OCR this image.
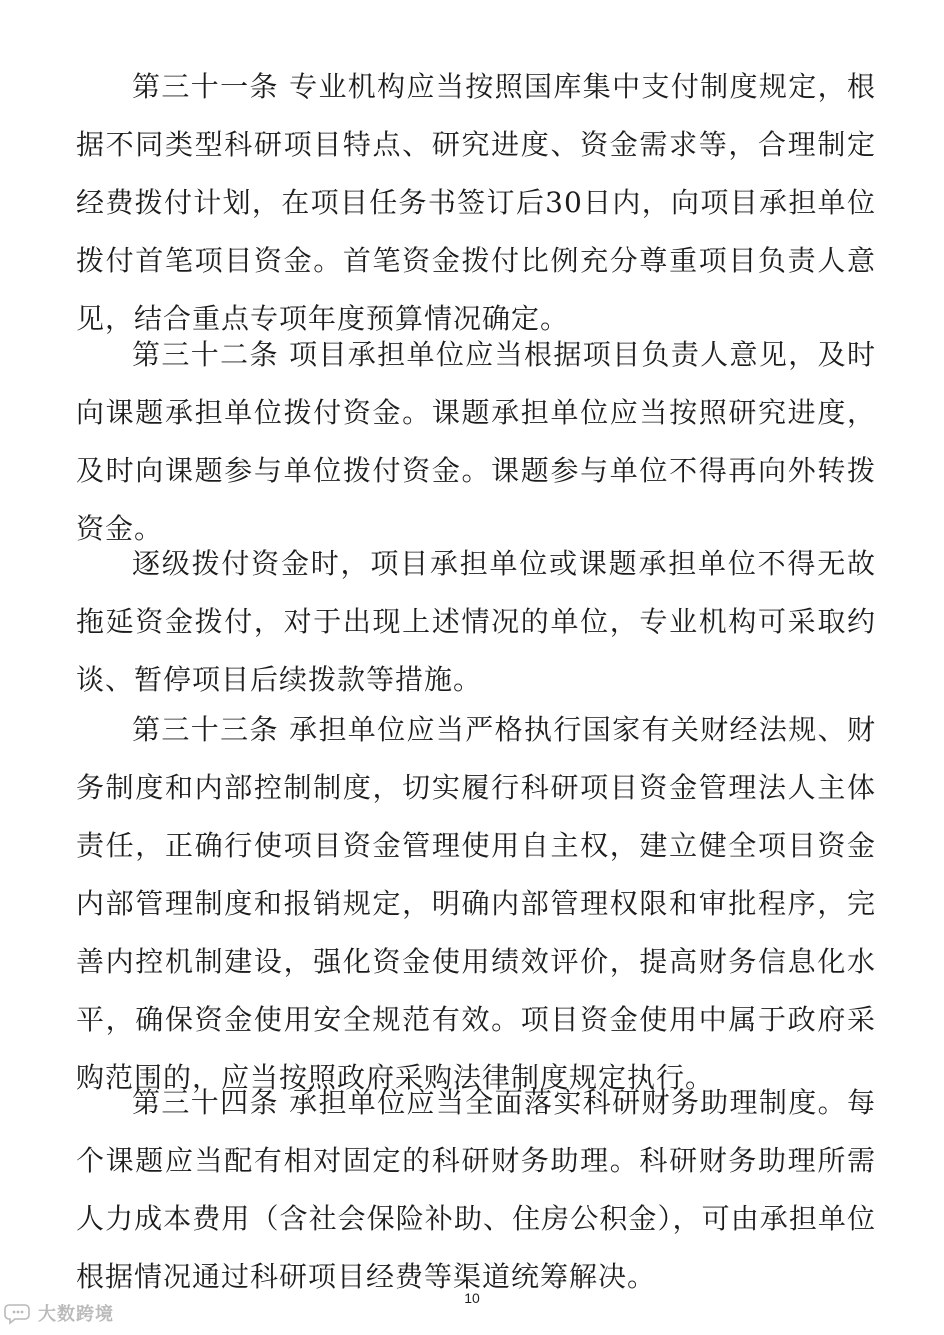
第三十一条 专业机构应当按照国库集中支付制度规定，根据不同类型科研项目特点、研究进度、资金需求等，合理制定经费拨付计划，在项目任务书签订后30日内，向项目承担单位拨付首笔项目资金。首笔资金拨付比例充分尊重项目负责人意见，结合重点专项年度预算情况确定。

第三十二条 项目承担单位应当根据项目负责人意见，及时向课题承担单位拨付资金。课题承担单位应当按照研究进度，及时向课题参与单位拨付资金。课题参与单位不得再向外转拨资金。

逐级拨付资金时，项目承担单位或课题承担单位不得无故拖延资金拨付，对于出现上述情况的单位，专业机构可采取约谈、暂停项目后续拨款等措施。

第三十三条 承担单位应当严格执行国家有关财经法规、财务制度和内部控制制度，切实履行科研项目资金管理法人主体责任，正确行使项目资金管理使用自主权，建立健全项目资金内部管理制度和报销规定，明确内部管理权限和审批程序，完善内控机制建设，强化资金使用绩效评价，提高财务信息化水平，确保资金使用安全规范有效。项目资金使用中属于政府采购范围的，应当按照政府采购法律制度规定执行。

第三十四条 承担单位应当全面落实科研财务助理制度。每个课题应当配有相对固定的科研财务助理。科研财务助理所需人力成本费用（含社会保险补助、住房公积金），可由承担单位根据情况通过科研项目经费等渠道统筹解决。

10
大数跨境
